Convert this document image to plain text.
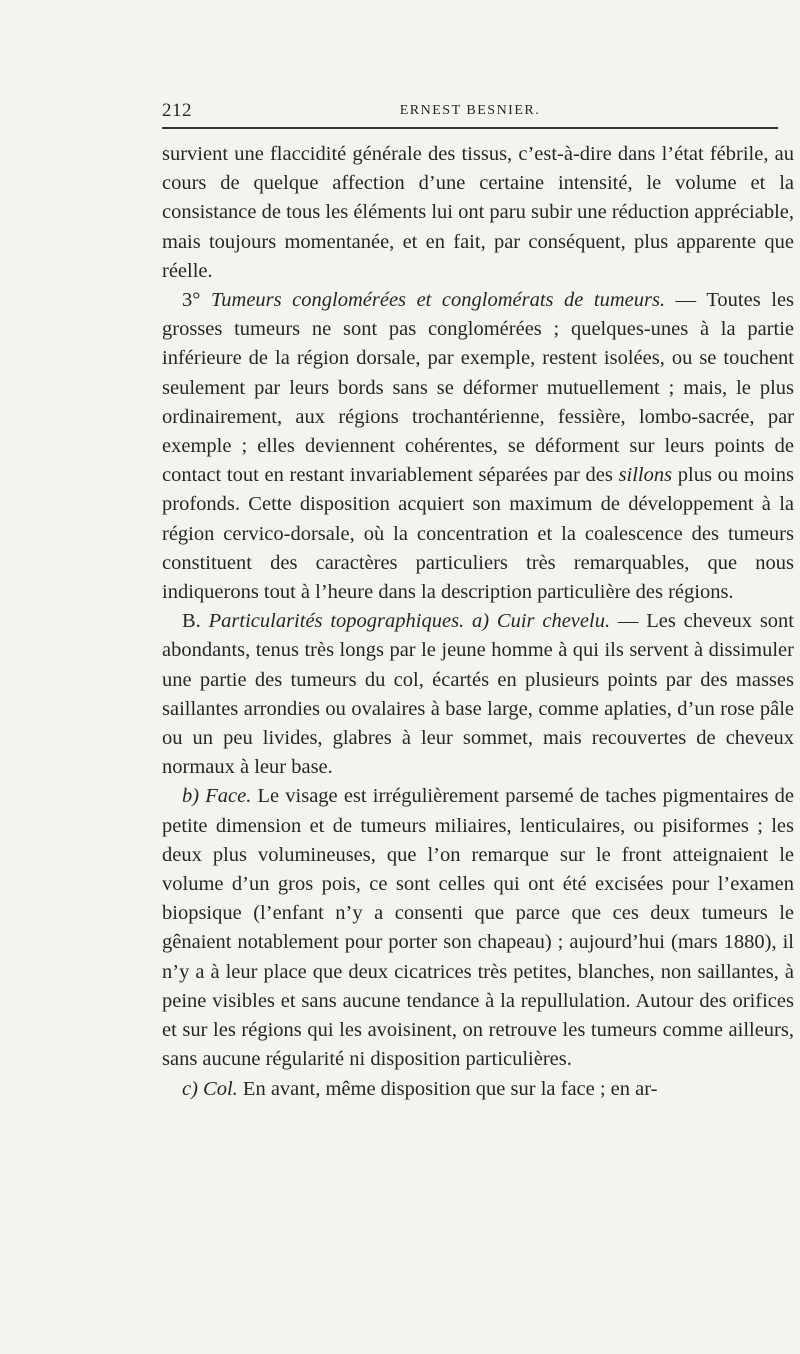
212	ERNEST BESNIER.

survient une flaccidité générale des tissus, c’est-à-dire dans l’état fébrile, au cours de quelque affection d’une certaine intensité, le volume et la consistance de tous les éléments lui ont paru subir une réduction appréciable, mais toujours momentanée, et en fait, par conséquent, plus apparente que réelle.

3° Tumeurs conglomérées et conglomérats de tumeurs. — Toutes les grosses tumeurs ne sont pas conglomérées ; quelques-unes à la partie inférieure de la région dorsale, par exemple, restent isolées, ou se touchent seulement par leurs bords sans se déformer mutuellement ; mais, le plus ordinairement, aux régions trochantérienne, fessière, lombo-sacrée, par exemple ; elles deviennent cohérentes, se déforment sur leurs points de contact tout en restant invariablement séparées par des sillons plus ou moins profonds. Cette disposition acquiert son maximum de développement à la région cervico-dorsale, où la concentration et la coalescence des tumeurs constituent des caractères particuliers très remarquables, que nous indiquerons tout à l’heure dans la description particulière des régions.

B. Particularités topographiques. a) Cuir chevelu. — Les cheveux sont abondants, tenus très longs par le jeune homme à qui ils servent à dissimuler une partie des tumeurs du col, écartés en plusieurs points par des masses saillantes arrondies ou ovalaires à base large, comme aplaties, d’un rose pâle ou un peu livides, glabres à leur sommet, mais recouvertes de cheveux normaux à leur base.

b) Face. Le visage est irrégulièrement parsemé de taches pigmentaires de petite dimension et de tumeurs miliaires, lenticulaires, ou pisiformes ; les deux plus volumineuses, que l’on remarque sur le front atteignaient le volume d’un gros pois, ce sont celles qui ont été excisées pour l’examen biopsique (l’enfant n’y a consenti que parce que ces deux tumeurs le gênaient notablement pour porter son chapeau) ; aujourd’hui (mars 1880), il n’y a à leur place que deux cicatrices très petites, blanches, non saillantes, à peine visibles et sans aucune tendance à la repullulation. Autour des orifices et sur les régions qui les avoisinent, on retrouve les tumeurs comme ailleurs, sans aucune régularité ni disposition particulières.

c) Col. En avant, même disposition que sur la face ; en ar-
